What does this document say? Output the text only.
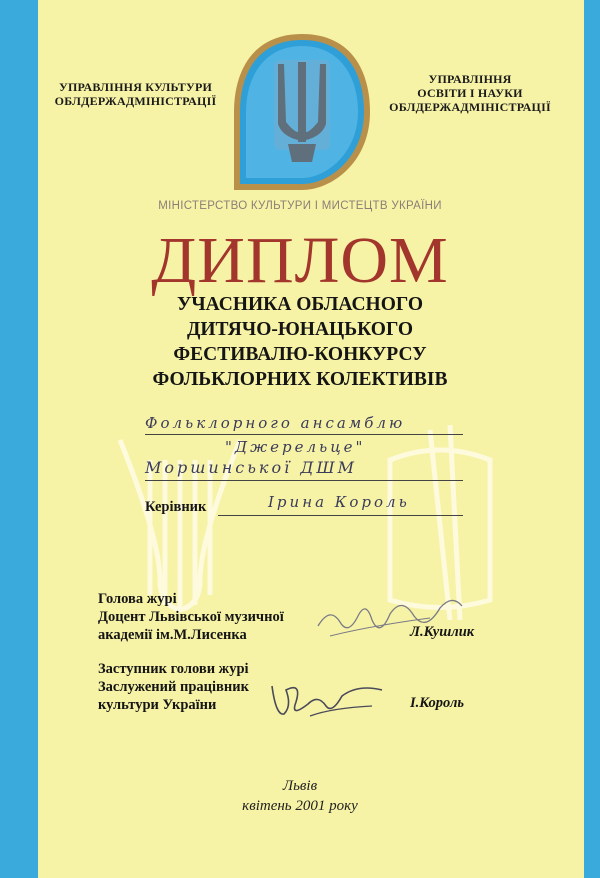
УПРАВЛІННЯ КУЛЬТУРИ
ОБЛДЕРЖАДМІНІСТРАЦІЇ
УПРАВЛІННЯ
ОСВІТИ І НАУКИ
ОБЛДЕРЖАДМІНІСТРАЦІЇ
МІНІСТЕРСТВО КУЛЬТУРИ І МИСТЕЦТВ УКРАЇНИ
ДИПЛОМ
УЧАСНИКА ОБЛАСНОГО
ДИТЯЧО-ЮНАЦЬКОГО
ФЕСТИВАЛЮ-КОНКУРСУ
ФОЛЬКЛОРНИХ КОЛЕКТИВІВ
Фольклорного ансамблю
"Джерельце"
Моршинської ДШМ
Керівник	Ірина Король
Голова журі
Доцент Львівської музичної
академії ім.М.Лисенка	Л.Кушлик
Заступник голови журі
Заслужений працівник
культури України	І.Король
Львів
квітень 2001 року
